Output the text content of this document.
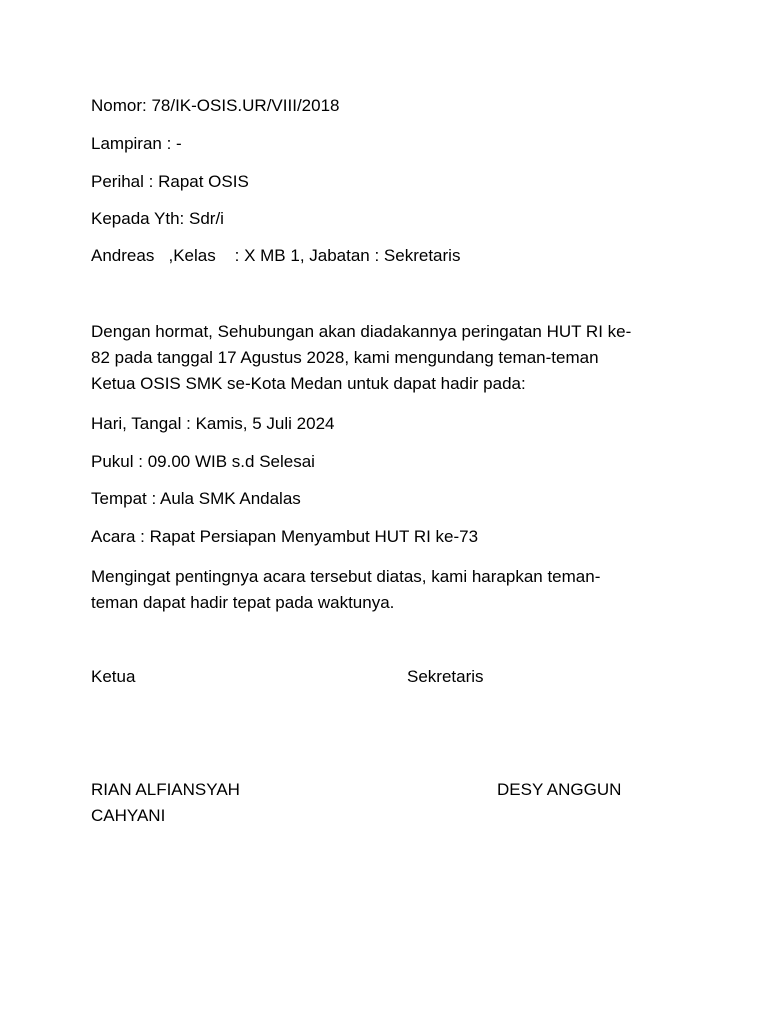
Nomor: 78/IK-OSIS.UR/VIII/2018
Lampiran : -
Perihal : Rapat OSIS
Kepada Yth: Sdr/i
Andreas   ,Kelas    : X MB 1, Jabatan : Sekretaris
Dengan hormat, Sehubungan akan diadakannya peringatan HUT RI ke-
82 pada tanggal 17 Agustus 2028, kami mengundang teman-teman
Ketua OSIS SMK se-Kota Medan untuk dapat hadir pada:
Hari, Tangal : Kamis, 5 Juli 2024
Pukul : 09.00 WIB s.d Selesai
Tempat : Aula SMK Andalas
Acara : Rapat Persiapan Menyambut HUT RI ke-73
Mengingat pentingnya acara tersebut diatas, kami harapkan teman-
teman dapat hadir tepat pada waktunya.
Ketua	Sekretaris
RIAN ALFIANSYAH	DESY ANGGUN
CAHYANI
